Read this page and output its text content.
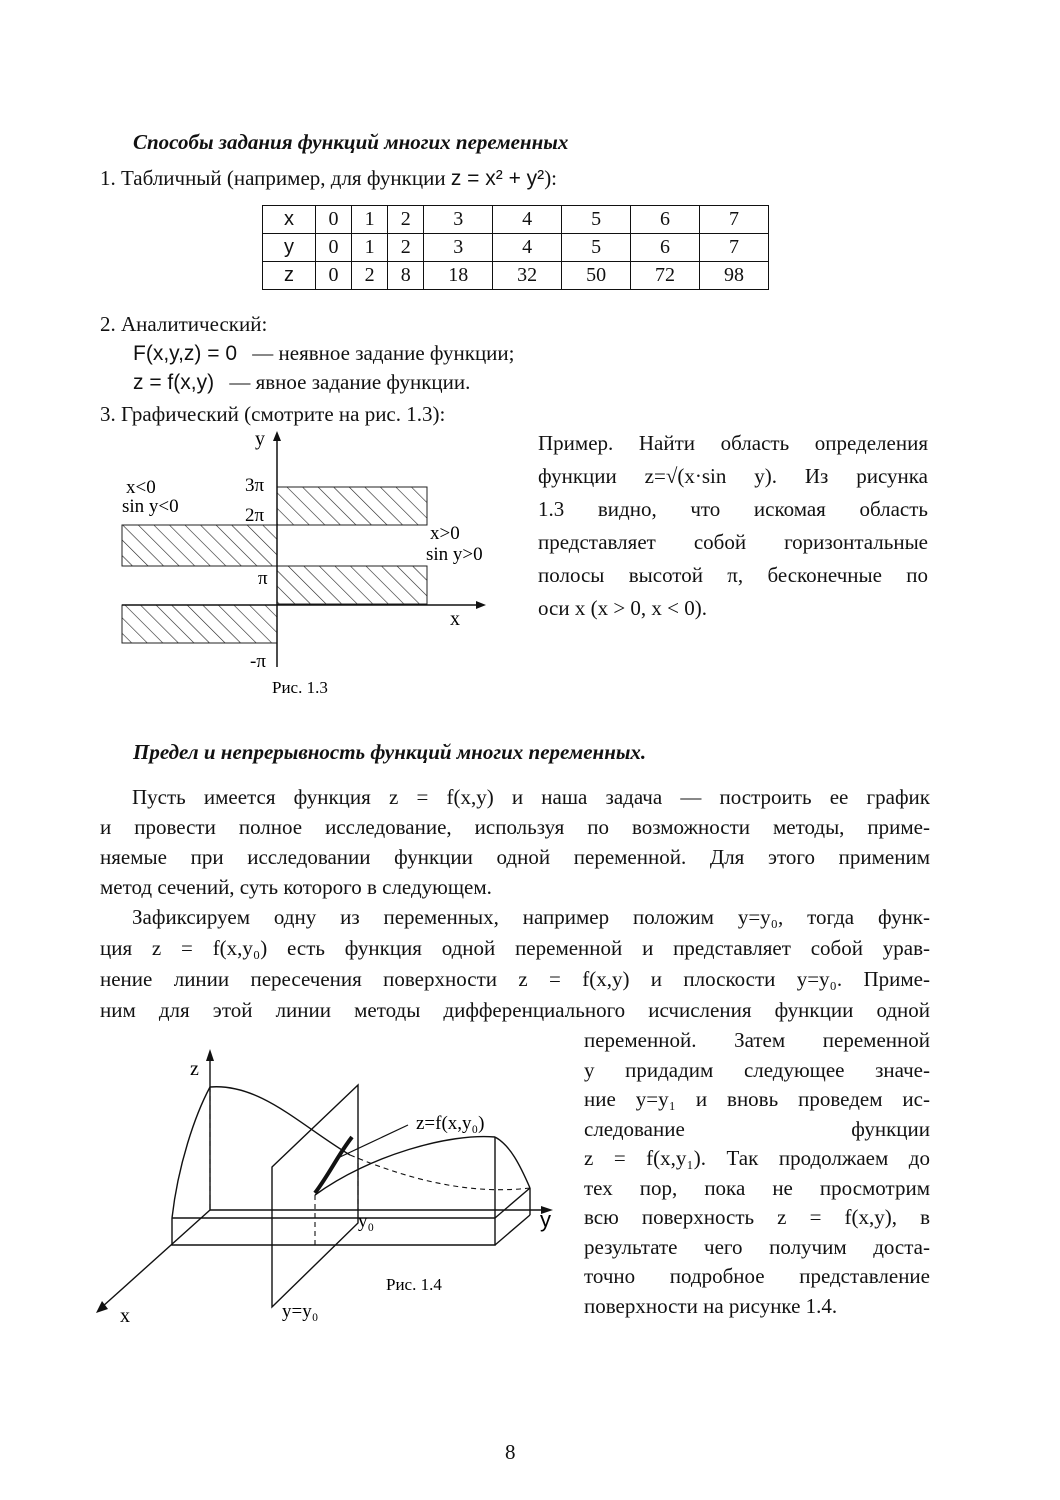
Способы задания функций многих переменных
1. Табличный (например, для функции z = x² + y²):
x	0	1	2	3	4	5	6	7
y	0	1	2	3	4	5	6	7
z	0	2	8	18	32	50	72	98
2. Аналитический:
F(x,y,z) = 0 — неявное задание функции;
z = f(x,y) — явное задание функции.
3. Графический (смотрите на рис. 1.3):
y
x
3π
2π
π
-π
x<0
sin y<0
x>0
sin y>0
Рис. 1.3
Пример. Найти область определения
функции z=√(x·sin y). Из рисунка
1.3 видно, что искомая область
представляет собой горизонтальные
полосы высотой π, бесконечные по
оси x (x > 0, x < 0).
Предел и непрерывность функций многих переменных.
Пусть имеется функция z = f(x,y) и наша задача — построить ее график
и провести полное исследование, используя по возможности методы, приме-
няемые при исследовании функции одной переменной. Для этого применим
метод сечений, суть которого в следующем.
Зафиксируем одну из переменных, например положим y=y₀, тогда функ-
ция z = f(x,y₀) есть функция одной переменной и представляет собой урав-
нение линии пересечения поверхности z = f(x,y) и плоскости y=y₀. Приме-
ним для этой линии методы дифференциального исчисления функции одной
переменной. Затем переменной
y придадим следующее значе-
ние y=y₁ и вновь проведем ис-
следование функции
z = f(x,y₁). Так продолжаем до
тех пор, пока не просмотрим
всю поверхность z = f(x,y), в
результате чего получим доста-
точно подробное представление
поверхности на рисунке 1.4.
z
y
x
z=f(x,y₀)
y₀
y=y₀
Рис. 1.4
8
